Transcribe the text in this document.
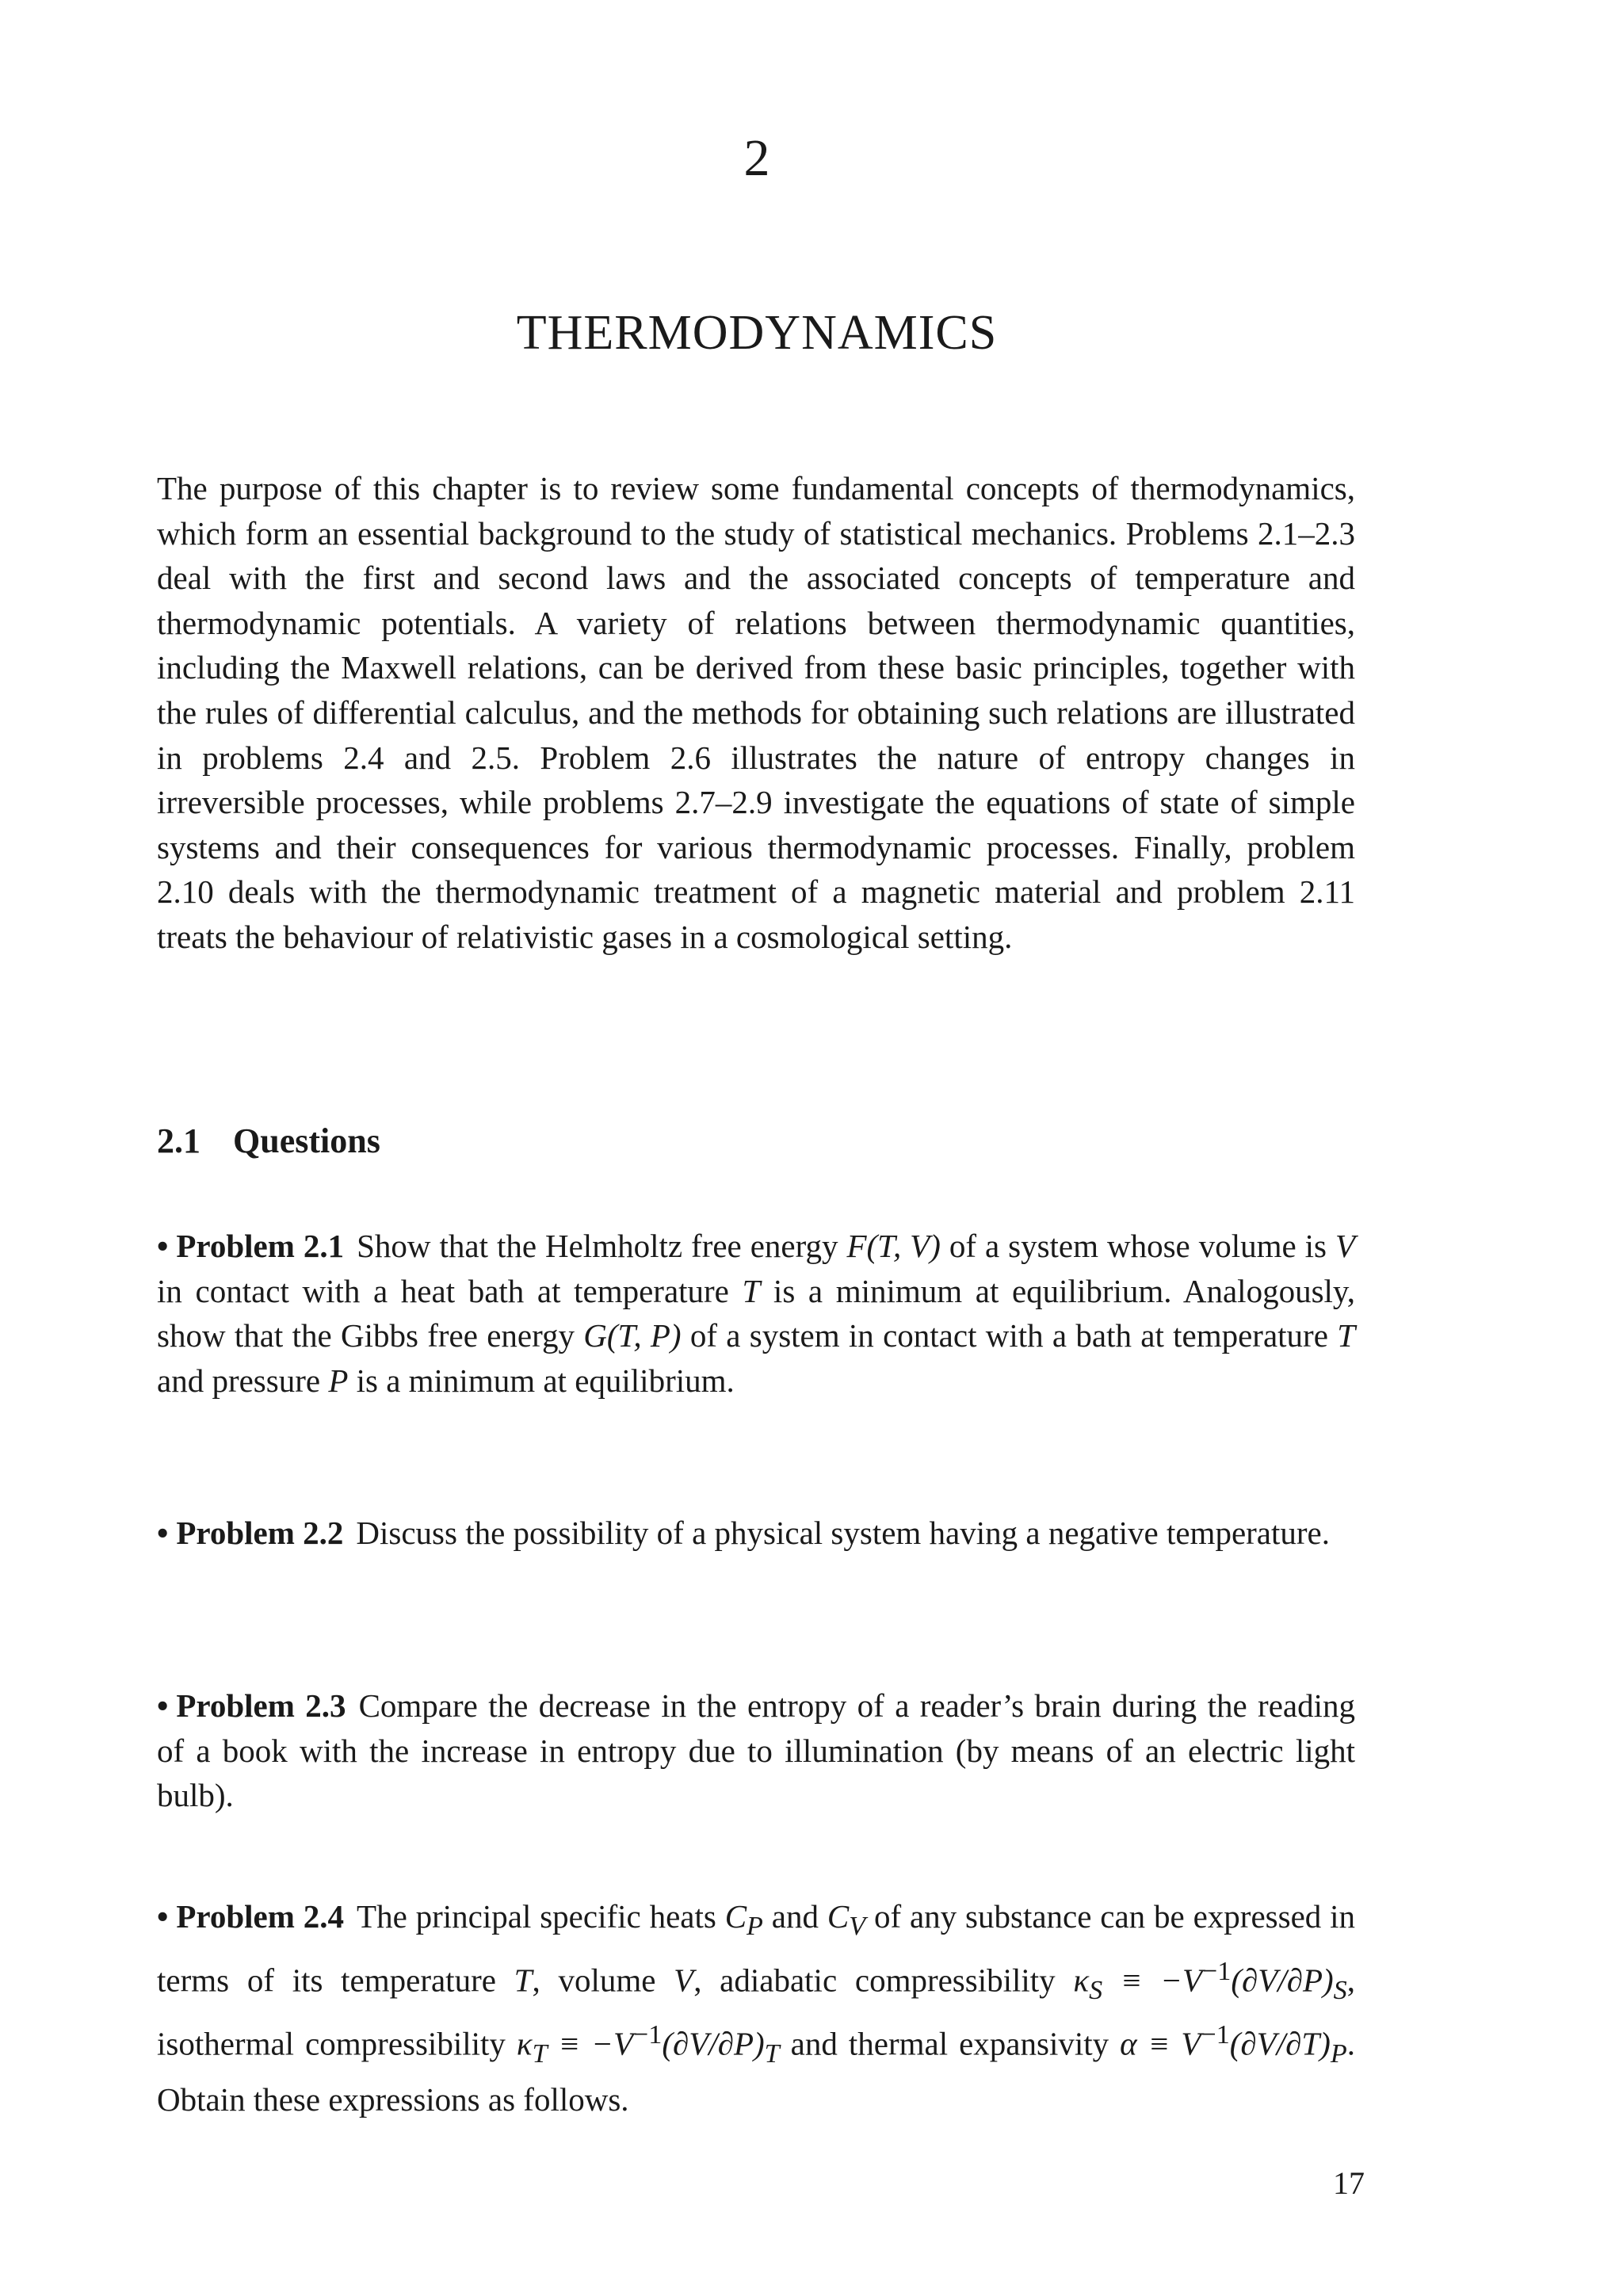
2
THERMODYNAMICS

The purpose of this chapter is to review some fundamental concepts of thermodynamics, which form an essential background to the study of statistical mechanics. Problems 2.1–2.3 deal with the first and second laws and the associated concepts of temperature and thermodynamic potentials. A variety of relations between thermodynamic quantities, including the Maxwell relations, can be derived from these basic principles, together with the rules of differential calculus, and the methods for obtaining such relations are illustrated in problems 2.4 and 2.5. Problem 2.6 illustrates the nature of entropy changes in irreversible processes, while problems 2.7–2.9 investigate the equations of state of simple systems and their consequences for various thermodynamic processes. Finally, problem 2.10 deals with the thermodynamic treatment of a magnetic material and problem 2.11 treats the behaviour of relativistic gases in a cosmological setting.

2.1 Questions

• Problem 2.1 Show that the Helmholtz free energy F(T, V) of a system whose volume is V in contact with a heat bath at temperature T is a minimum at equilibrium. Analogously, show that the Gibbs free energy G(T, P) of a system in contact with a bath at temperature T and pressure P is a minimum at equilibrium.

• Problem 2.2 Discuss the possibility of a physical system having a negative temperature.

• Problem 2.3 Compare the decrease in the entropy of a reader’s brain during the reading of a book with the increase in entropy due to illumination (by means of an electric light bulb).

• Problem 2.4 The principal specific heats $C_P$ and $C_V$ of any substance can be expressed in terms of its temperature T, volume V, adiabatic compressibility $\kappa_S \equiv -V^{-1}(\partial V/\partial P)_S$, isothermal compressibility $\kappa_T \equiv -V^{-1}(\partial V/\partial P)_T$ and thermal expansivity $\alpha \equiv V^{-1}(\partial V/\partial T)_P$. Obtain these expressions as follows.

17
